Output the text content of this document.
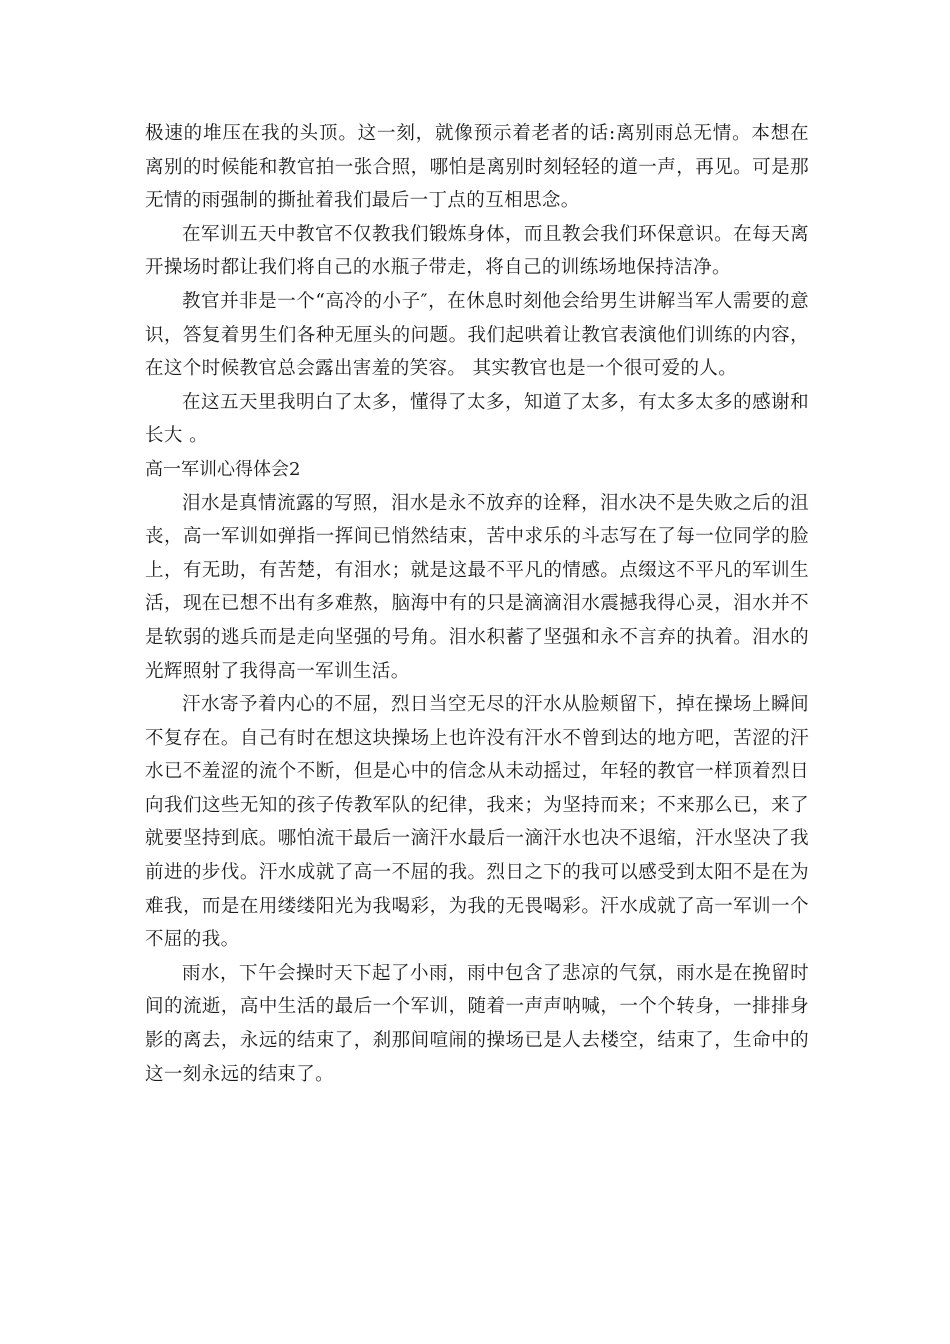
极速的堆压在我的头顶。这一刻，就像预示着老者的话:离别雨总无情。本想在离别的时候能和教官拍一张合照，哪怕是离别时刻轻轻的道一声，再见。可是那无情的雨强制的撕扯着我们最后一丁点的互相思念。

在军训五天中教官不仅教我们锻炼身体，而且教会我们环保意识。在每天离开操场时都让我们将自己的水瓶子带走，将自己的训练场地保持洁净。

教官并非是一个“高冷的小子″，在休息时刻他会给男生讲解当军人需要的意识，答复着男生们各种无厘头的问题。我们起哄着让教官表演他们训练的内容，在这个时候教官总会露出害羞的笑容。 其实教官也是一个很可爱的人。

在这五天里我明白了太多，懂得了太多，知道了太多，有太多太多的感谢和长大 。

高一军训心得体会2

泪水是真情流露的写照，泪水是永不放弃的诠释，泪水决不是失败之后的沮丧，高一军训如弹指一挥间已悄然结束，苦中求乐的斗志写在了每一位同学的脸上，有无助，有苦楚，有泪水；就是这最不平凡的情感。点缀这不平凡的军训生活，现在已想不出有多难熬，脑海中有的只是滴滴泪水震撼我得心灵，泪水并不是软弱的逃兵而是走向坚强的号角。泪水积蓄了坚强和永不言弃的执着。泪水的光辉照射了我得高一军训生活。

汗水寄予着内心的不屈，烈日当空无尽的汗水从脸颊留下，掉在操场上瞬间不复存在。自己有时在想这块操场上也许没有汗水不曾到达的地方吧，苦涩的汗水已不羞涩的流个不断，但是心中的信念从未动摇过，年轻的教官一样顶着烈日向我们这些无知的孩子传教军队的纪律，我来；为坚持而来；不来那么已，来了就要坚持到底。哪怕流干最后一滴汗水最后一滴汗水也决不退缩，汗水坚决了我前进的步伐。汗水成就了高一不屈的我。烈日之下的我可以感受到太阳不是在为难我，而是在用缕缕阳光为我喝彩，为我的无畏喝彩。汗水成就了高一军训一个不屈的我。

雨水，下午会操时天下起了小雨，雨中包含了悲凉的气氛，雨水是在挽留时间的流逝，高中生活的最后一个军训，随着一声声呐喊，一个个转身，一排排身影的离去，永远的结束了，刹那间喧闹的操场已是人去楼空，结束了，生命中的这一刻永远的结束了。
